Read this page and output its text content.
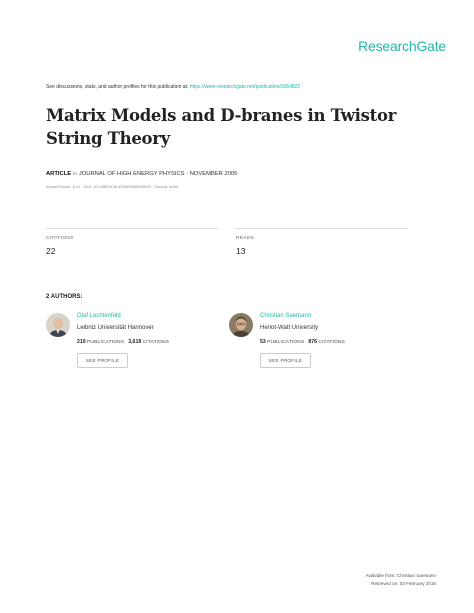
ResearchGate
See discussions, stats, and author profiles for this publication at: https://www.researchgate.net/publication/2064822
Matrix Models and D-branes in Twistor String Theory
ARTICLE in JOURNAL OF HIGH ENERGY PHYSICS · NOVEMBER 2005
Impact Factor: 6.11 · DOI: 10.1088/1126-6708/2006/03/002 · Source: arXiv
CITATIONS
22
READS
13
2 AUTHORS:
Olaf Lechtenfeld
Leibniz Universität Hannover
210 PUBLICATIONS 3,618 CITATIONS
SEE PROFILE
Christian Saemann
Heriot-Watt University
53 PUBLICATIONS 876 CITATIONS
SEE PROFILE
Available from: Christian Saemann
Retrieved on: 03 February 2016
